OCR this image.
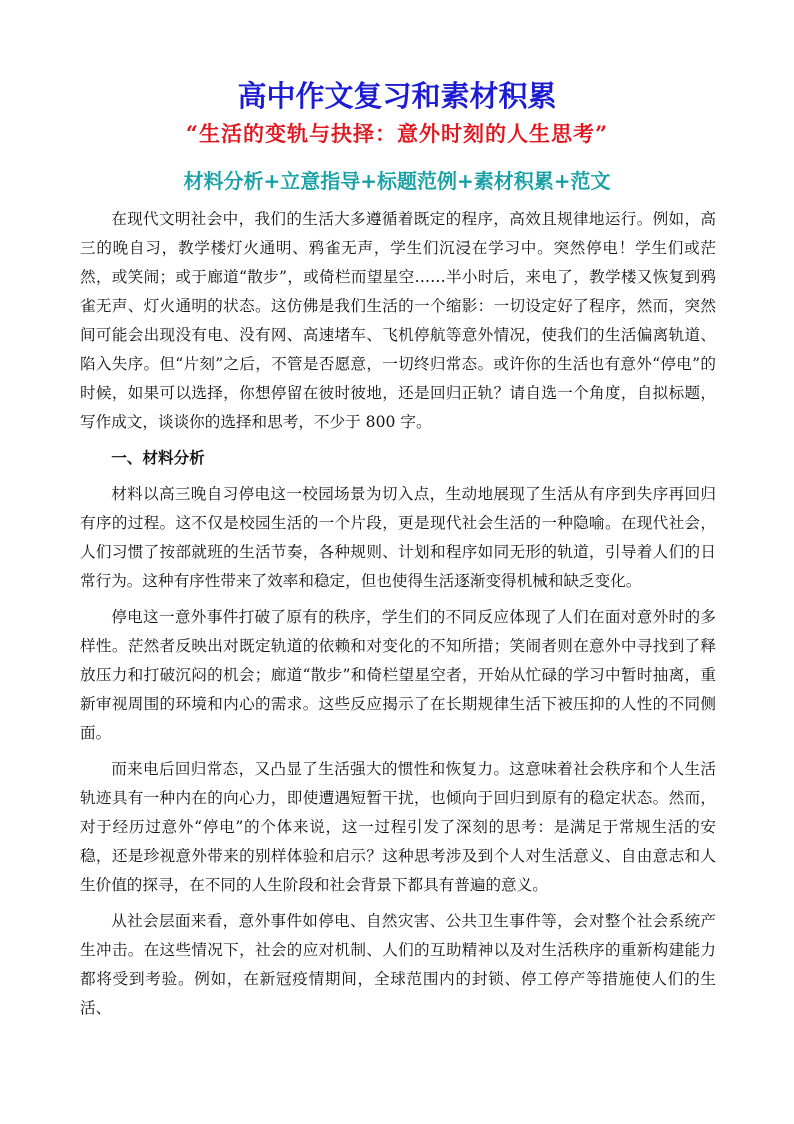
高中作文复习和素材积累
“生活的变轨与抉择：意外时刻的人生思考”
材料分析+立意指导+标题范例+素材积累+范文

在现代文明社会中，我们的生活大多遵循着既定的程序，高效且规律地运行。例如，高三的晚自习，教学楼灯火通明、鸦雀无声，学生们沉浸在学习中。突然停电！学生们或茫然，或笑闹；或于廊道“散步”，或倚栏而望星空……半小时后，来电了，教学楼又恢复到鸦雀无声、灯火通明的状态。这仿佛是我们生活的一个缩影：一切设定好了程序，然而，突然间可能会出现没有电、没有网、高速堵车、飞机停航等意外情况，使我们的生活偏离轨道、陷入失序。但“片刻”之后，不管是否愿意，一切终归常态。或许你的生活也有意外“停电”的时候，如果可以选择，你想停留在彼时彼地，还是回归正轨？请自选一个角度，自拟标题，写作成文，谈谈你的选择和思考，不少于 800 字。

一、材料分析

材料以高三晚自习停电这一校园场景为切入点，生动地展现了生活从有序到失序再回归有序的过程。这不仅是校园生活的一个片段，更是现代社会生活的一种隐喻。在现代社会，人们习惯了按部就班的生活节奏，各种规则、计划和程序如同无形的轨道，引导着人们的日常行为。这种有序性带来了效率和稳定，但也使得生活逐渐变得机械和缺乏变化。

停电这一意外事件打破了原有的秩序，学生们的不同反应体现了人们在面对意外时的多样性。茫然者反映出对既定轨道的依赖和对变化的不知所措；笑闹者则在意外中寻找到了释放压力和打破沉闷的机会；廊道“散步”和倚栏望星空者，开始从忙碌的学习中暂时抽离，重新审视周围的环境和内心的需求。这些反应揭示了在长期规律生活下被压抑的人性的不同侧面。

而来电后回归常态，又凸显了生活强大的惯性和恢复力。这意味着社会秩序和个人生活轨迹具有一种内在的向心力，即使遭遇短暂干扰，也倾向于回归到原有的稳定状态。然而，对于经历过意外“停电”的个体来说，这一过程引发了深刻的思考：是满足于常规生活的安稳，还是珍视意外带来的别样体验和启示？这种思考涉及到个人对生活意义、自由意志和人生价值的探寻，在不同的人生阶段和社会背景下都具有普遍的意义。

从社会层面来看，意外事件如停电、自然灾害、公共卫生事件等，会对整个社会系统产生冲击。在这些情况下，社会的应对机制、人们的互助精神以及对生活秩序的重新构建能力都将受到考验。例如，在新冠疫情期间，全球范围内的封锁、停工停产等措施使人们的生活、
